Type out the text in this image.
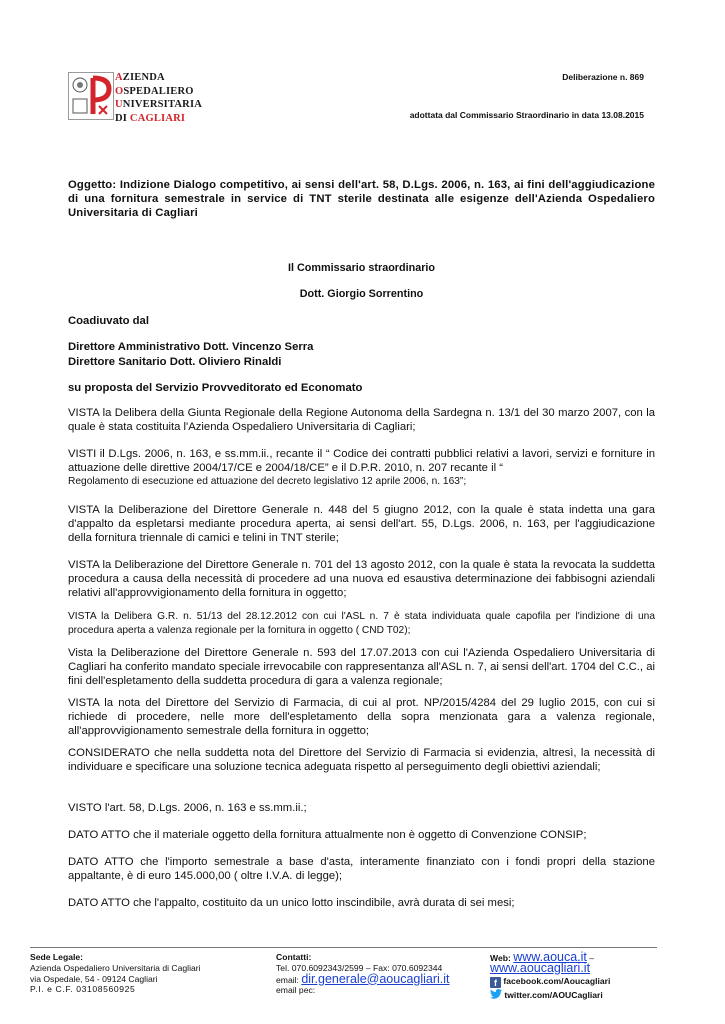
AZIENDA
OSPEDALIERO
UNIVERSITARIA
DI CAGLIARI
Deliberazione n. 869
adottata dal Commissario Straordinario in data 13.08.2015
Oggetto: Indizione Dialogo competitivo, ai sensi dell'art. 58, D.Lgs. 2006, n. 163, ai fini dell'aggiudicazione di una fornitura semestrale in service di TNT sterile destinata alle esigenze dell'Azienda Ospedaliero Universitaria di Cagliari
Il Commissario straordinario
Dott. Giorgio Sorrentino
Coadiuvato dal
Direttore Amministrativo Dott. Vincenzo Serra
Direttore Sanitario Dott. Oliviero Rinaldi
su proposta del Servizio Provveditorato ed Economato

VISTA la Delibera della Giunta Regionale della Regione Autonoma della Sardegna n. 13/1 del 30 marzo 2007, con la quale è stata costituita l'Azienda Ospedaliero Universitaria di Cagliari;

VISTI il D.Lgs. 2006, n. 163, e ss.mm.ii., recante il “ Codice dei contratti pubblici relativi a lavori, servizi e forniture in attuazione delle direttive 2004/17/CE e 2004/18/CE” e il D.P.R. 2010, n. 207 recante il “

Regolamento di esecuzione ed attuazione del decreto legislativo 12 aprile 2006, n. 163”;

VISTA la Deliberazione del Direttore Generale n. 448 del 5 giugno 2012, con la quale è stata indetta una gara d'appalto da espletarsi mediante procedura aperta, ai sensi dell'art. 55, D.Lgs. 2006, n. 163, per l'aggiudicazione della fornitura triennale di camici e telini in TNT sterile;

VISTA la Deliberazione del Direttore Generale n. 701 del 13 agosto 2012, con la quale è stata la revocata la suddetta procedura a causa della necessità di procedere ad una nuova ed esaustiva determinazione dei fabbisogni aziendali relativi all'approvvigionamento della fornitura in oggetto;

VISTA la Delibera G.R. n. 51/13 del 28.12.2012 con cui l'ASL n. 7 è stata individuata quale capofila per l'indizione di una procedura aperta a valenza regionale per la fornitura in oggetto ( CND T02);

Vista la Deliberazione del Direttore Generale n. 593 del 17.07.2013 con cui l'Azienda Ospedaliero Universitaria di Cagliari ha conferito mandato speciale irrevocabile con rappresentanza all'ASL n. 7, ai sensi dell'art. 1704 del C.C., ai fini dell'espletamento della suddetta procedura di gara a valenza regionale;

VISTA la nota del Direttore del Servizio di Farmacia, di cui al prot. NP/2015/4284 del 29 luglio 2015, con cui si richiede di procedere, nelle more dell'espletamento della sopra menzionata gara a valenza regionale, all'approvvigionamento semestrale della fornitura in oggetto;

CONSIDERATO che nella suddetta nota del Direttore del Servizio di Farmacia si evidenzia, altresì, la necessità di individuare e specificare una soluzione tecnica adeguata rispetto al perseguimento degli obiettivi aziendali;

VISTO l'art. 58, D.Lgs. 2006, n. 163 e ss.mm.ii.;

DATO ATTO che il materiale oggetto della fornitura attualmente non è oggetto di Convenzione CONSIP;

DATO ATTO che l'importo semestrale a base d'asta, interamente finanziato con i fondi propri della stazione appaltante, è di euro 145.000,00 ( oltre I.V.A. di legge);

DATO ATTO che l'appalto, costituito da un unico lotto inscindibile, avrà durata di sei mesi;

Sede Legale:
Azienda Ospedaliero Universitaria di Cagliari
via Ospedale, 54 - 09124 Cagliari
P.I. e C.F. 03108560925
Contatti:
Tel. 070.6092343/2599 – Fax: 070.6092344
email: dir.generale@aoucagliari.it
email pec:
Web: www.aouca.it –
www.aoucagliari.it
f facebook.com/Aoucagliari
twitter.com/AOUCagliari
